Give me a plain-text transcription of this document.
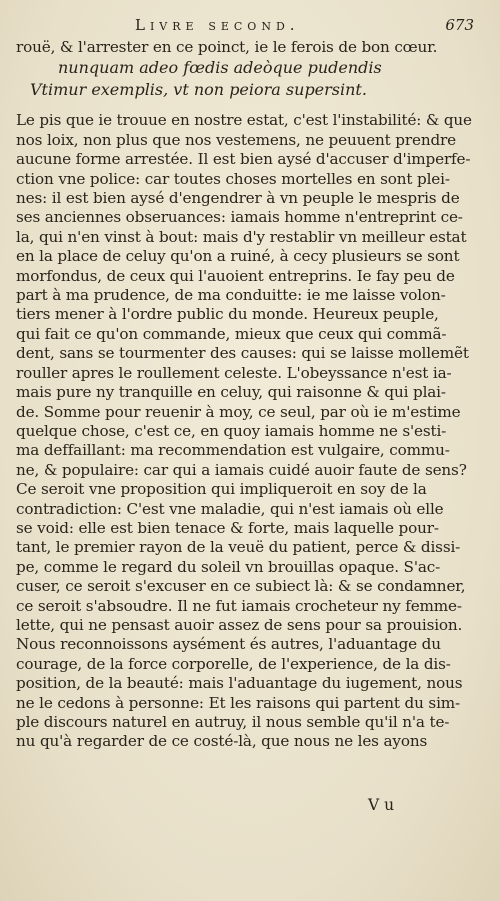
Livre second.	673
rouë, & l'arrester en ce poinct, ie le ferois de bon cœur.
nunquam adeo fœdis adeòque pudendis
Vtimur exemplis, vt non peiora supersint.
Le pis que ie trouue en nostre estat, c'est l'instabilité: & que
nos loix, non plus que nos vestemens, ne peuuent prendre
aucune forme arrestée. Il est bien aysé d'accuser d'imperfe-
ction vne police: car toutes choses mortelles en sont plei-
nes: il est bien aysé d'engendrer à vn peuple le mespris de
ses anciennes obseruances: iamais homme n'entreprint ce-
la, qui n'en vinst à bout: mais d'y restablir vn meilleur estat
en la place de celuy qu'on a ruiné, à cecy plusieurs se sont
morfondus, de ceux qui l'auoient entreprins. Ie fay peu de
part à ma prudence, de ma conduitte: ie me laisse volon-
tiers mener à l'ordre public du monde. Heureux peuple,
qui fait ce qu'on commande, mieux que ceux qui commã-
dent, sans se tourmenter des causes: qui se laisse mollemẽt
rouller apres le roullement celeste. L'obeyssance n'est ia-
mais pure ny tranquille en celuy, qui raisonne & qui plai-
de. Somme pour reuenir à moy, ce seul, par où ie m'estime
quelque chose, c'est ce, en quoy iamais homme ne s'esti-
ma deffaillant: ma recommendation est vulgaire, commu-
ne, & populaire: car qui a iamais cuidé auoir faute de sens?
Ce seroit vne proposition qui impliqueroit en soy de la
contradiction: C'est vne maladie, qui n'est iamais où elle
se void: elle est bien tenace & forte, mais laquelle pour-
tant, le premier rayon de la veuë du patient, perce & dissi-
pe, comme le regard du soleil vn brouillas opaque. S'ac-
cuser, ce seroit s'excuser en ce subiect là: & se condamner,
ce seroit s'absoudre. Il ne fut iamais crocheteur ny femme-
lette, qui ne pensast auoir assez de sens pour sa prouision.
Nous reconnoissons aysément és autres, l'aduantage du
courage, de la force corporelle, de l'experience, de la dis-
position, de la beauté: mais l'aduantage du iugement, nous
ne le cedons à personne: Et les raisons qui partent du sim-
ple discours naturel en autruy, il nous semble qu'il n'a te-
nu qu'à regarder de ce costé-là, que nous ne les ayons
V u
